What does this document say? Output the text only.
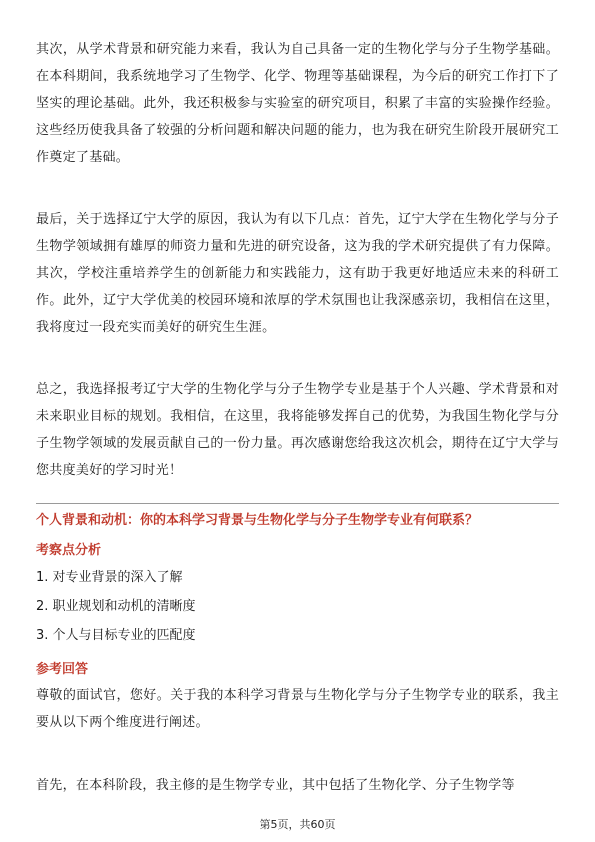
其次，从学术背景和研究能力来看，我认为自己具备一定的生物化学与分子生物学基础。在本科期间，我系统地学习了生物学、化学、物理等基础课程，为今后的研究工作打下了坚实的理论基础。此外，我还积极参与实验室的研究项目，积累了丰富的实验操作经验。这些经历使我具备了较强的分析问题和解决问题的能力，也为我在研究生阶段开展研究工作奠定了基础。

最后，关于选择辽宁大学的原因，我认为有以下几点：首先，辽宁大学在生物化学与分子生物学领域拥有雄厚的师资力量和先进的研究设备，这为我的学术研究提供了有力保障。其次，学校注重培养学生的创新能力和实践能力，这有助于我更好地适应未来的科研工作。此外，辽宁大学优美的校园环境和浓厚的学术氛围也让我深感亲切，我相信在这里，我将度过一段充实而美好的研究生生涯。

总之，我选择报考辽宁大学的生物化学与分子生物学专业是基于个人兴趣、学术背景和对未来职业目标的规划。我相信，在这里，我将能够发挥自己的优势，为我国生物化学与分子生物学领域的发展贡献自己的一份力量。再次感谢您给我这次机会，期待在辽宁大学与您共度美好的学习时光！

个人背景和动机：你的本科学习背景与生物化学与分子生物学专业有何联系？

考察点分析

1. 对专业背景的深入了解
2. 职业规划和动机的清晰度
3. 个人与目标专业的匹配度

参考回答

尊敬的面试官，您好。关于我的本科学习背景与生物化学与分子生物学专业的联系，我主要从以下两个维度进行阐述。

首先，在本科阶段，我主修的是生物学专业，其中包括了生物化学、分子生物学等

第5页，共60页
